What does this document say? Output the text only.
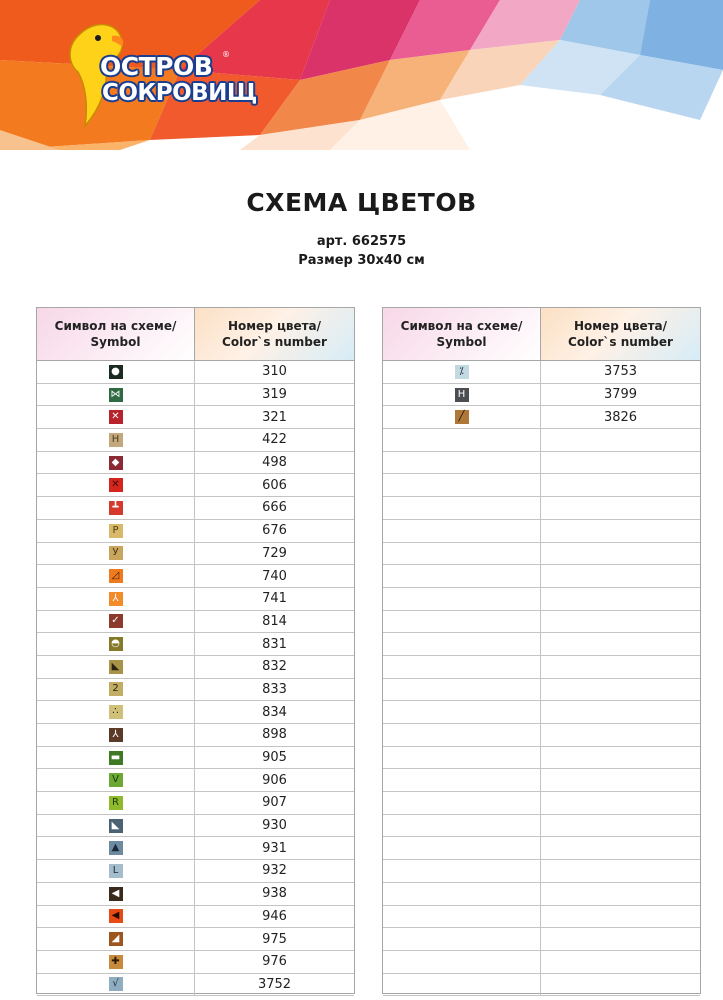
ОСТРОВ
СОКРОВИЩ
®
СХЕМА ЦВЕТОВ
арт. 662575
Размер 30x40 см
Символ на схеме/
Symbol
Номер цвета/
Color`s number
●	310
⋈	319
✕	321
H	422
◆	498
✕	606
┻	666
P	676
У	729
◿	740
⅄	741
✓	814
◓	831
◣	832
2	833
∴	834
⅄	898
▬	905
V	906
R	907
◣	930
▲	931
L	932
◀	938
◀	946
◢	975
✚	976
√	3752
Символ на схеме/
Symbol
Номер цвета/
Color`s number
⁒	3753
H	3799
╱	3826
